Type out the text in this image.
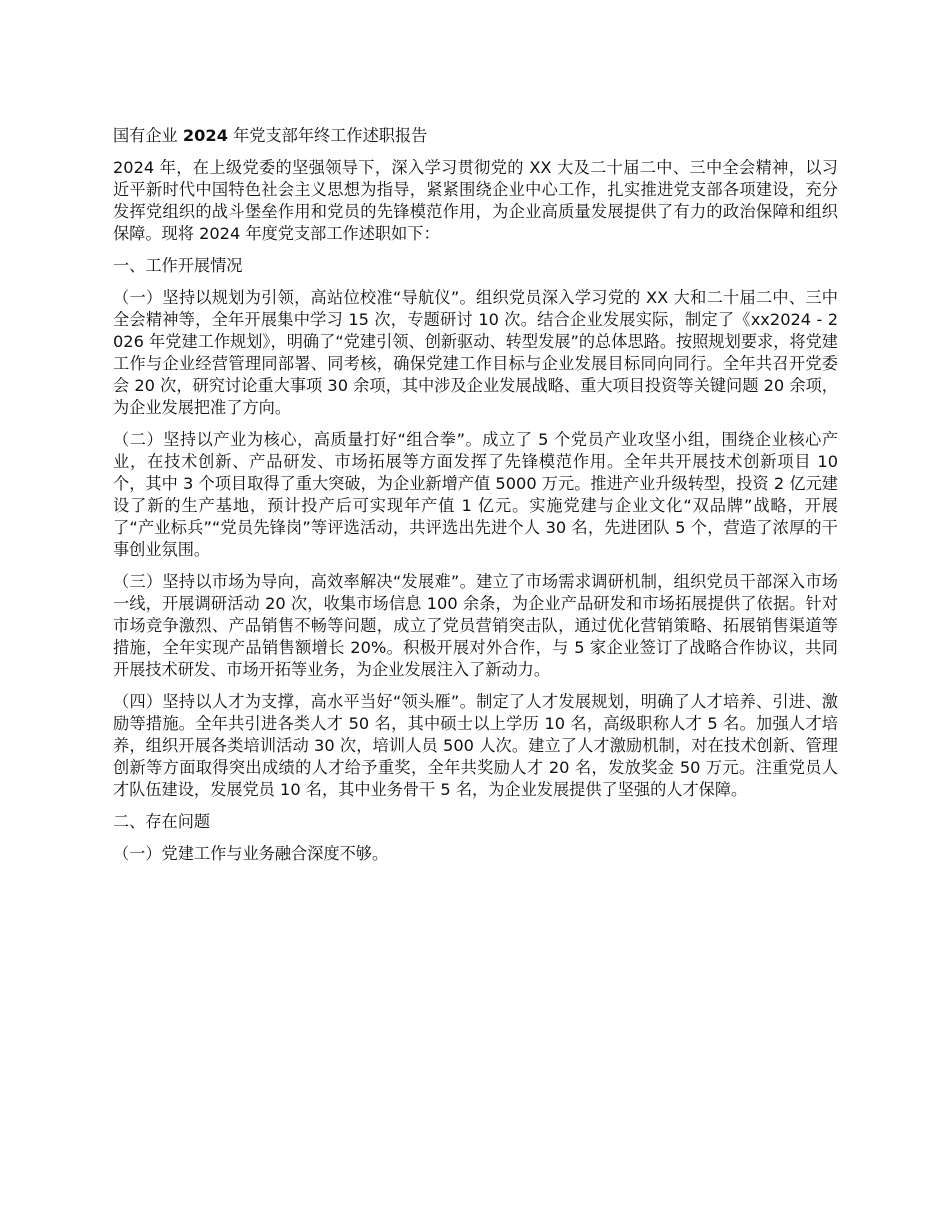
国有企业 2024 年党支部年终工作述职报告

2024 年，在上级党委的坚强领导下，深入学习贯彻党的 XX 大及二十届二中、三中全会精神，以习近平新时代中国特色社会主义思想为指导，紧紧围绕企业中心工作，扎实推进党支部各项建设，充分发挥党组织的战斗堡垒作用和党员的先锋模范作用，为企业高质量发展提供了有力的政治保障和组织保障。现将 2024 年度党支部工作述职如下：

一、工作开展情况

（一）坚持以规划为引领，高站位校准“导航仪”。组织党员深入学习党的 XX 大和二十届二中、三中全会精神等，全年开展集中学习 15 次，专题研讨 10 次。结合企业发展实际，制定了《xx2024 - 2026 年党建工作规划》，明确了“党建引领、创新驱动、转型发展”的总体思路。按照规划要求，将党建工作与企业经营管理同部署、同考核，确保党建工作目标与企业发展目标同向同行。全年共召开党委会 20 次，研究讨论重大事项 30 余项，其中涉及企业发展战略、重大项目投资等关键问题 20 余项，为企业发展把准了方向。

（二）坚持以产业为核心，高质量打好“组合拳”。成立了 5 个党员产业攻坚小组，围绕企业核心产业，在技术创新、产品研发、市场拓展等方面发挥了先锋模范作用。全年共开展技术创新项目 10 个，其中 3 个项目取得了重大突破，为企业新增产值 5000 万元。推进产业升级转型，投资 2 亿元建设了新的生产基地，预计投产后可实现年产值 1 亿元。实施党建与企业文化“双品牌”战略，开展了“产业标兵”“党员先锋岗”等评选活动，共评选出先进个人 30 名，先进团队 5 个，营造了浓厚的干事创业氛围。

（三）坚持以市场为导向，高效率解决“发展难”。建立了市场需求调研机制，组织党员干部深入市场一线，开展调研活动 20 次，收集市场信息 100 余条，为企业产品研发和市场拓展提供了依据。针对市场竞争激烈、产品销售不畅等问题，成立了党员营销突击队，通过优化营销策略、拓展销售渠道等措施，全年实现产品销售额增长 20%。积极开展对外合作，与 5 家企业签订了战略合作协议，共同开展技术研发、市场开拓等业务，为企业发展注入了新动力。

（四）坚持以人才为支撑，高水平当好“领头雁”。制定了人才发展规划，明确了人才培养、引进、激励等措施。全年共引进各类人才 50 名，其中硕士以上学历 10 名，高级职称人才 5 名。加强人才培养，组织开展各类培训活动 30 次，培训人员 500 人次。建立了人才激励机制，对在技术创新、管理创新等方面取得突出成绩的人才给予重奖，全年共奖励人才 20 名，发放奖金 50 万元。注重党员人才队伍建设，发展党员 10 名，其中业务骨干 5 名，为企业发展提供了坚强的人才保障。

二、存在问题

（一）党建工作与业务融合深度不够。
